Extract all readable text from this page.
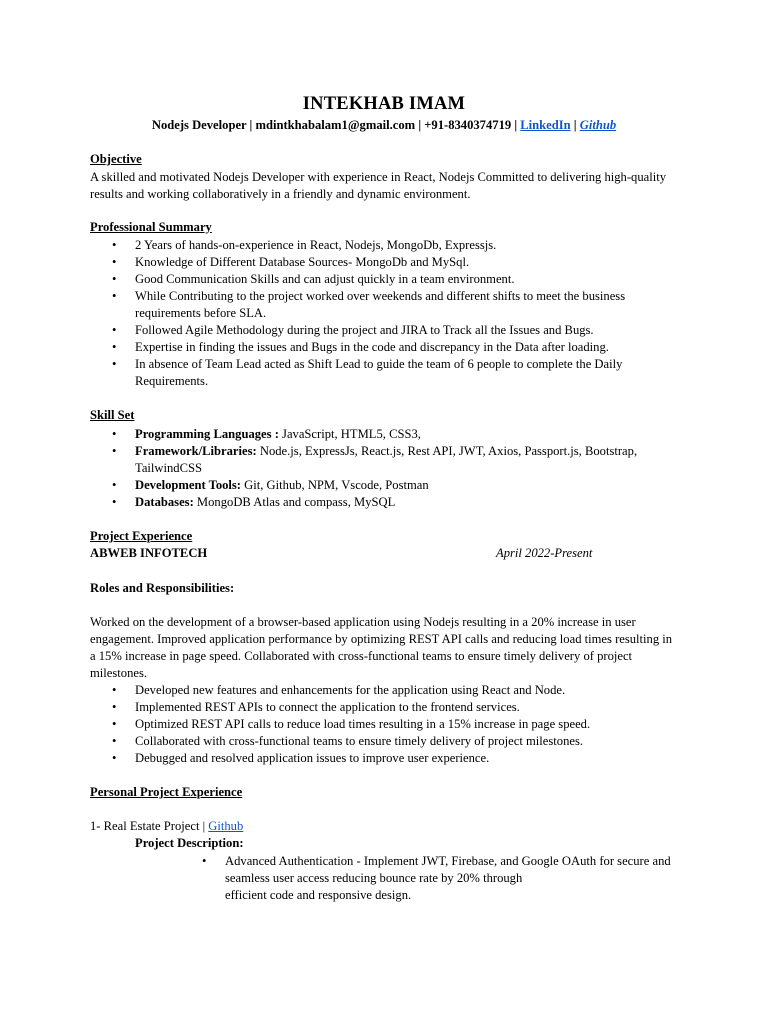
INTEKHAB IMAM
Nodejs Developer | mdintkhabalam1@gmail.com | +91-8340374719 | LinkedIn | Github
Objective

A skilled and motivated Nodejs Developer with experience in React, Nodejs Committed to delivering high-quality results and working collaboratively in a friendly and dynamic environment.

Professional Summary
• 2 Years of hands-on-experience in React, Nodejs, MongoDb, Expressjs.
• Knowledge of Different Database Sources- MongoDb and MySql.
• Good Communication Skills and can adjust quickly in a team environment.
• While Contributing to the project worked over weekends and different shifts to meet the business requirements before SLA.
• Followed Agile Methodology during the project and JIRA to Track all the Issues and Bugs.
• Expertise in finding the issues and Bugs in the code and discrepancy in the Data after loading.
• In absence of Team Lead acted as Shift Lead to guide the team of 6 people to complete the Daily Requirements.
Skill Set
• Programming Languages : JavaScript, HTML5, CSS3,
• Framework/Libraries: Node.js, ExpressJs, React.js, Rest API, JWT, Axios, Passport.js, Bootstrap, TailwindCSS
• Development Tools: Git, Github, NPM, Vscode, Postman
• Databases: MongoDB Atlas and compass, MySQL
Project Experience
ABWEB INFOTECH	April 2022-Present
Roles and Responsibilities:

Worked on the development of a browser-based application using Nodejs resulting in a 20% increase in user engagement. Improved application performance by optimizing REST API calls and reducing load times resulting in a 15% increase in page speed. Collaborated with cross-functional teams to ensure timely delivery of project milestones.

• Developed new features and enhancements for the application using React and Node.
• Implemented REST APIs to connect the application to the frontend services.
• Optimized REST API calls to reduce load times resulting in a 15% increase in page speed.
• Collaborated with cross-functional teams to ensure timely delivery of project milestones.
• Debugged and resolved application issues to improve user experience.
Personal Project Experience
1- Real Estate Project | Github
Project Description:
• Advanced Authentication - Implement JWT, Firebase, and Google OAuth for secure and seamless user access reducing bounce rate by 20% through
efficient code and responsive design.
